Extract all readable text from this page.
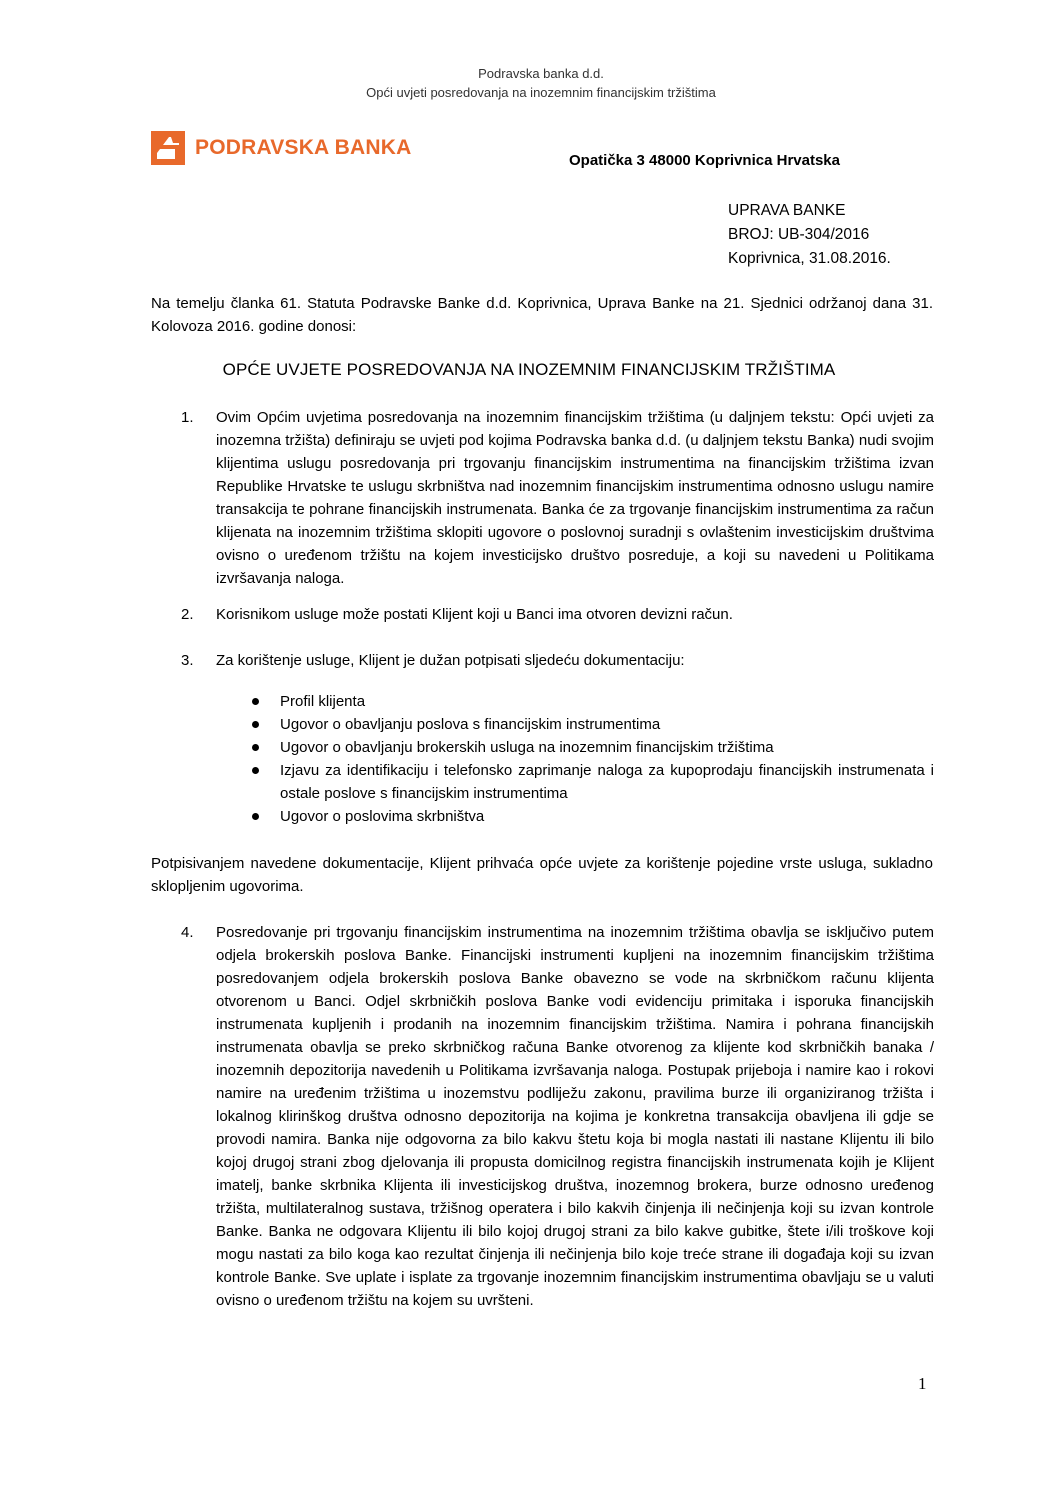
Podravska banka d.d.
Opći uvjeti posredovanja na inozemnim financijskim tržištima
PODRAVSKA BANKA
Opatička 3 48000 Koprivnica Hrvatska
UPRAVA BANKE
BROJ: UB-304/2016
Koprivnica, 31.08.2016.
Na temelju članka 61. Statuta Podravske Banke d.d. Koprivnica, Uprava Banke na 21. Sjednici održanoj dana 31. Kolovoza 2016. godine donosi:
OPĆE UVJETE POSREDOVANJA NA INOZEMNIM FINANCIJSKIM TRŽIŠTIMA
1. Ovim Općim uvjetima posredovanja na inozemnim financijskim tržištima (u daljnjem tekstu: Opći uvjeti za inozemna tržišta) definiraju se uvjeti pod kojima Podravska banka d.d. (u daljnjem tekstu Banka) nudi svojim klijentima uslugu posredovanja pri trgovanju financijskim instrumentima na financijskim tržištima izvan Republike Hrvatske te uslugu skrbništva nad inozemnim financijskim instrumentima odnosno uslugu namire transakcija te pohrane financijskih instrumenata. Banka će za trgovanje financijskim instrumentima za račun klijenata na inozemnim tržištima sklopiti ugovore o poslovnoj suradnji s ovlaštenim investicijskim društvima ovisno o uređenom tržištu na kojem investicijsko društvo posreduje, a koji su navedeni u Politikama izvršavanja naloga.
2. Korisnikom usluge može postati Klijent koji u Banci ima otvoren devizni račun.
3. Za korištenje usluge, Klijent je dužan potpisati sljedeću dokumentaciju:
Profil klijenta
Ugovor o obavljanju poslova s financijskim instrumentima
Ugovor o obavljanju brokerskih usluga na inozemnim financijskim tržištima
Izjavu za identifikaciju i telefonsko zaprimanje naloga za kupoprodaju financijskih instrumenata i ostale poslove s financijskim instrumentima
Ugovor o poslovima skrbništva
Potpisivanjem navedene dokumentacije, Klijent prihvaća opće uvjete za korištenje pojedine vrste usluga, sukladno sklopljenim ugovorima.
4. Posredovanje pri trgovanju financijskim instrumentima na inozemnim tržištima obavlja se isključivo putem odjela brokerskih poslova Banke. Financijski instrumenti kupljeni na inozemnim financijskim tržištima posredovanjem odjela brokerskih poslova Banke obavezno se vode na skrbničkom računu klijenta otvorenom u Banci. Odjel skrbničkih poslova Banke vodi evidenciju primitaka i isporuka financijskih instrumenata kupljenih i prodanih na inozemnim financijskim tržištima. Namira i pohrana financijskih instrumenata obavlja se preko skrbničkog računa Banke otvorenog za klijente kod skrbničkih banaka / inozemnih depozitorija navedenih u Politikama izvršavanja naloga. Postupak prijeboja i namire kao i rokovi namire na uređenim tržištima u inozemstvu podliježu zakonu, pravilima burze ili organiziranog tržišta i lokalnog klirinškog društva odnosno depozitorija na kojima je konkretna transakcija obavljena ili gdje se provodi namira. Banka nije odgovorna za bilo kakvu štetu koja bi mogla nastati ili nastane Klijentu ili bilo kojoj drugoj strani zbog djelovanja ili propusta domicilnog registra financijskih instrumenata kojih je Klijent imatelj, banke skrbnika Klijenta ili investicijskog društva, inozemnog brokera, burze odnosno uređenog tržišta, multilateralnog sustava, tržišnog operatera i bilo kakvih činjenja ili nečinjenja koji su izvan kontrole Banke. Banka ne odgovara Klijentu ili bilo kojoj drugoj strani za bilo kakve gubitke, štete i/ili troškove koji mogu nastati za bilo koga kao rezultat činjenja ili nečinjenja bilo koje treće strane ili događaja koji su izvan kontrole Banke. Sve uplate i isplate za trgovanje inozemnim financijskim instrumentima obavljaju se u valuti ovisno o uređenom tržištu na kojem su uvršteni.
1
